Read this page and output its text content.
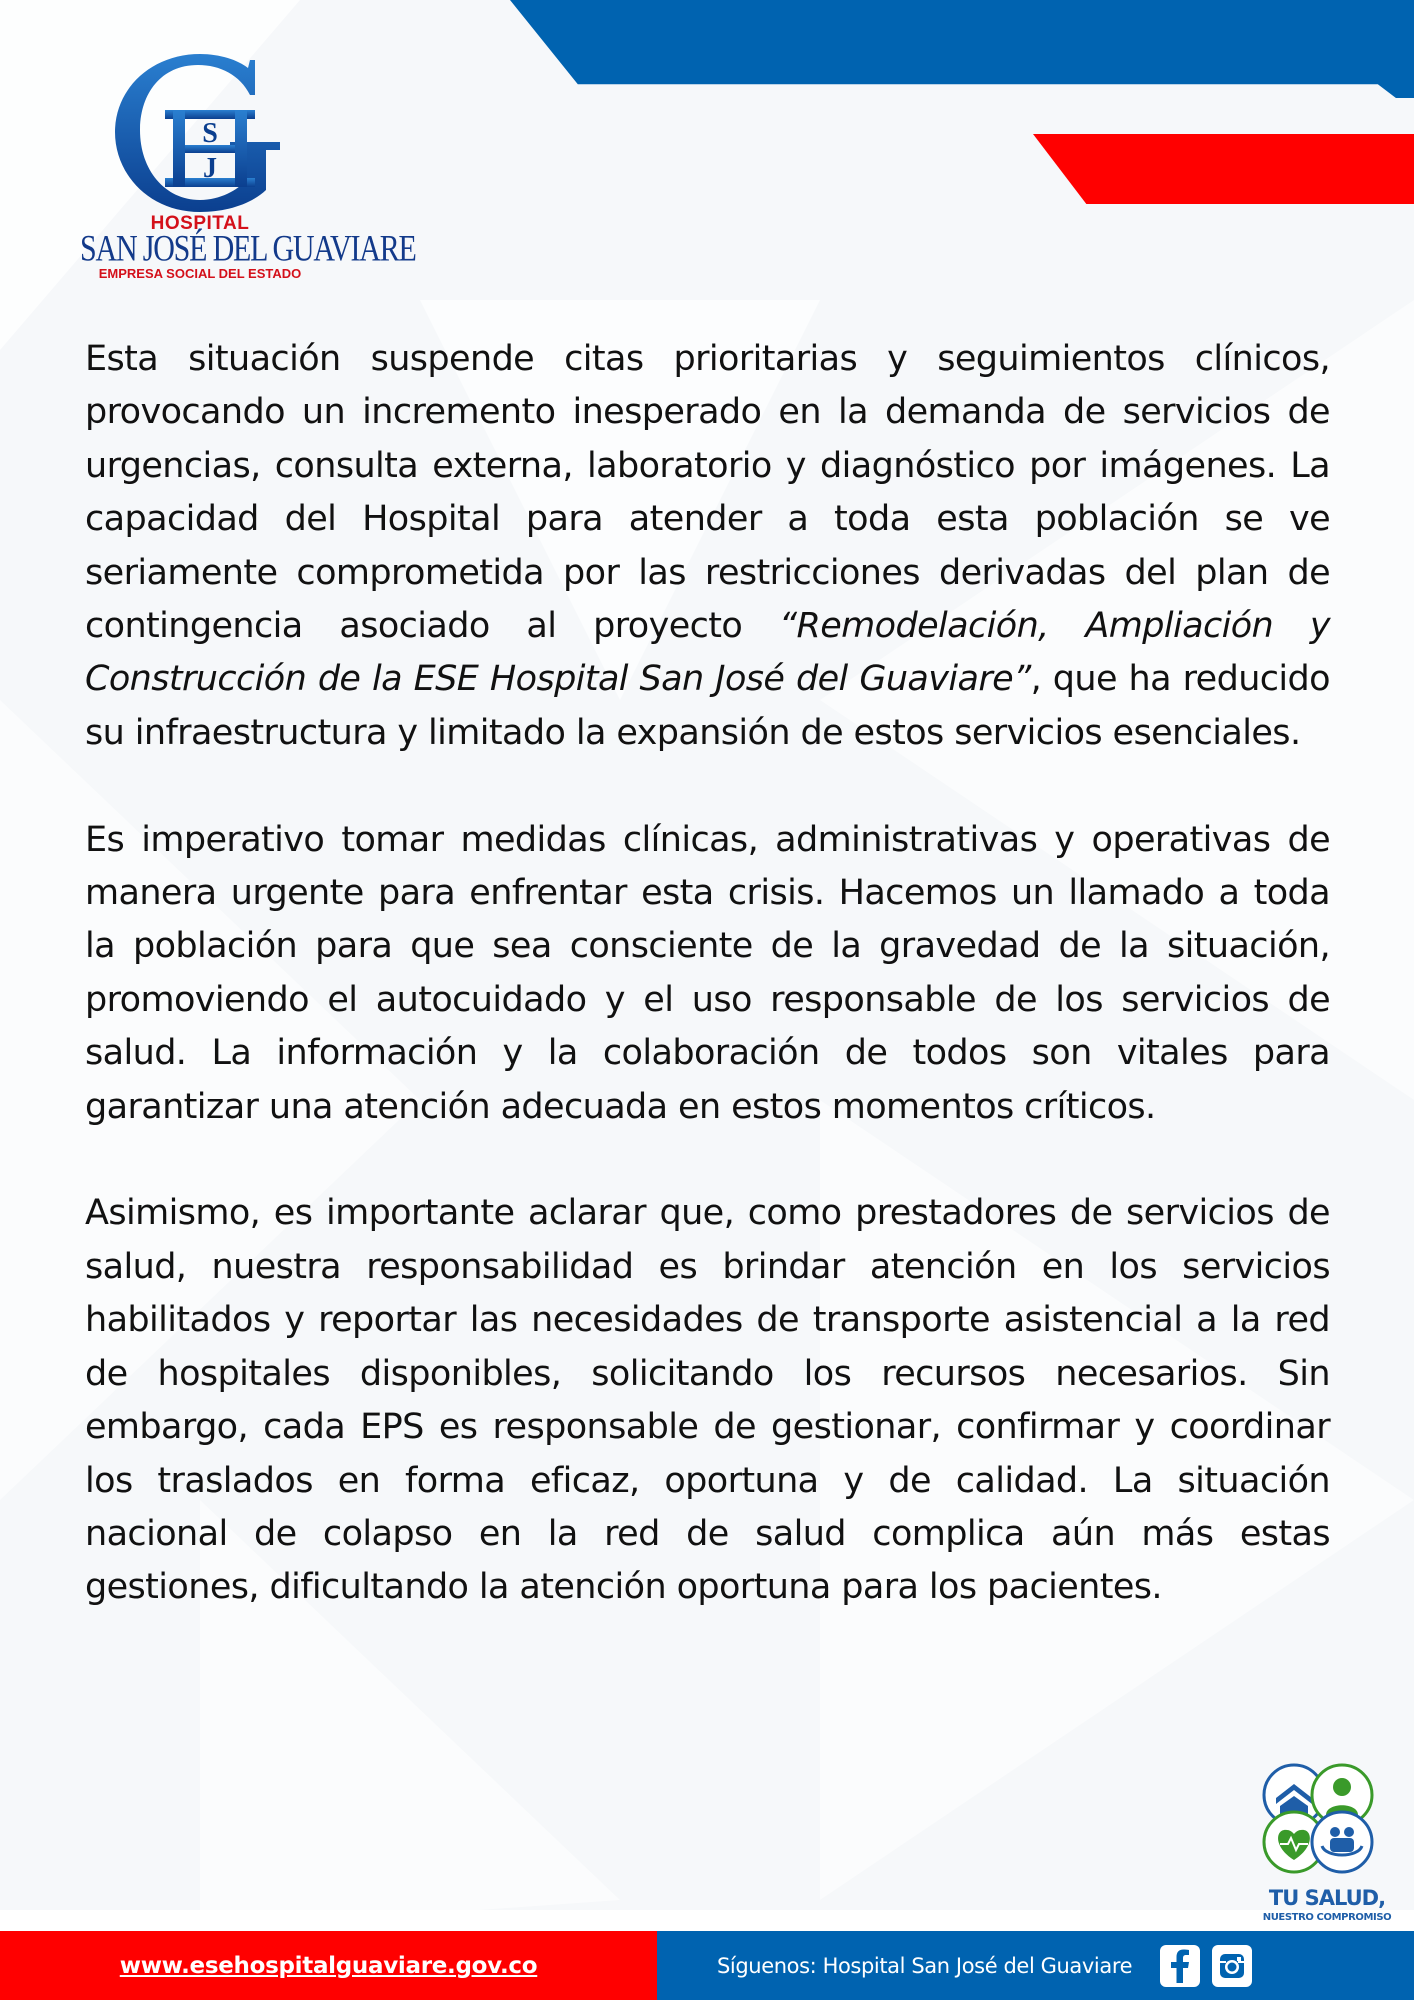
S
J
HOSPITAL
SAN JOSÉ DEL GUAVIARE
EMPRESA SOCIAL DEL ESTADO

Esta situación suspende citas prioritarias y seguimientos clínicos, provocando un incremento inesperado en la demanda de servicios de urgencias, consulta externa, laboratorio y diagnóstico por imágenes. La capacidad del Hospital para atender a toda esta población se ve seriamente comprometida por las restricciones derivadas del plan de contingencia asociado al proyecto “Remodelación, Ampliación y Construcción de la ESE Hospital San José del Guaviare”, que ha reducido su infraestructura y limitado la expansión de estos servicios esenciales.

Es imperativo tomar medidas clínicas, administrativas y operativas de manera urgente para enfrentar esta crisis. Hacemos un llamado a toda la población para que sea consciente de la gravedad de la situación, promoviendo el autocuidado y el uso responsable de los servicios de salud. La información y la colaboración de todos son vitales para garantizar una atención adecuada en estos momentos críticos.

Asimismo, es importante aclarar que, como prestadores de servicios de salud, nuestra responsabilidad es brindar atención en los servicios habilitados y reportar las necesidades de transporte asistencial a la red de hospitales disponibles, solicitando los recursos necesarios. Sin embargo, cada EPS es responsable de gestionar, confirmar y coordinar los traslados en forma eficaz, oportuna y de calidad. La situación nacional de colapso en la red de salud complica aún más estas gestiones, dificultando la atención oportuna para los pacientes.

TU SALUD,
NUESTRO COMPROMISO
www.esehospitalguaviare.gov.co	Síguenos: Hospital San José del Guaviare
